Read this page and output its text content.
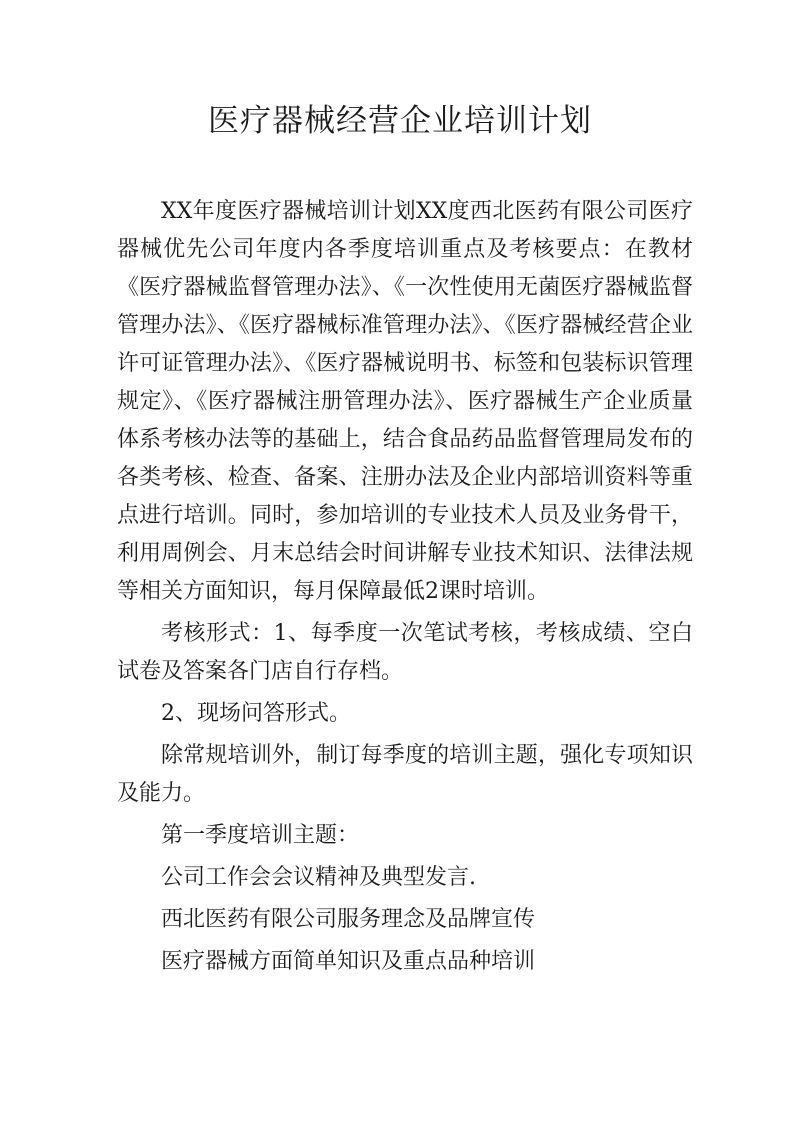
医疗器械经营企业培训计划

XX年度医疗器械培训计划XX度西北医药有限公司医疗器械优先公司年度内各季度培训重点及考核要点：在教材《医疗器械监督管理办法》、《一次性使用无菌医疗器械监督管理办法》、《医疗器械标准管理办法》、《医疗器械经营企业许可证管理办法》、《医疗器械说明书、标签和包装标识管理规定》、《医疗器械注册管理办法》、医疗器械生产企业质量体系考核办法等的基础上，结合食品药品监督管理局发布的各类考核、检查、备案、注册办法及企业内部培训资料等重点进行培训。同时，参加培训的专业技术人员及业务骨干，利用周例会、月末总结会时间讲解专业技术知识、法律法规等相关方面知识，每月保障最低2课时培训。

考核形式：1、每季度一次笔试考核，考核成绩、空白试卷及答案各门店自行存档。

2、现场问答形式。

除常规培训外，制订每季度的培训主题，强化专项知识及能力。

第一季度培训主题：

公司工作会会议精神及典型发言.

西北医药有限公司服务理念及品牌宣传

医疗器械方面简单知识及重点品种培训
